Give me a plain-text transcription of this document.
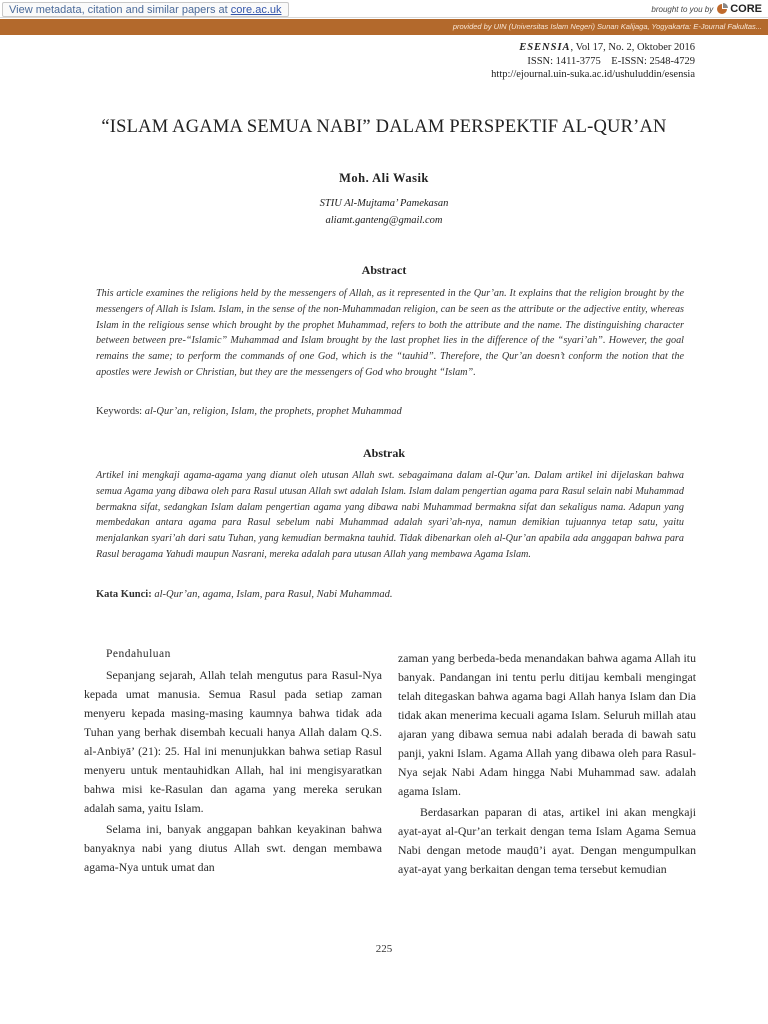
View metadata, citation and similar papers at core.ac.uk	brought to you by CORE
provided by UIN (Universitas Islam Negeri) Sunan Kalijaga, Yogyakarta: E-Journal Fakultas...
ESENSIA, Vol 17, No. 2, Oktober 2016
ISSN: 1411-3775 E-ISSN: 2548-4729
http://ejournal.uin-suka.ac.id/ushuluddin/esensia
“ISLAM AGAMA SEMUA NABI” DALAM PERSPEKTIF AL-QUR’AN
Moh. Ali Wasik
STIU Al-Mujtama’ Pamekasan
aliamt.ganteng@gmail.com
Abstract
This article examines the religions held by the messengers of Allah, as it represented in the Qur’an. It explains that the religion brought by the messengers of Allah is Islam. Islam, in the sense of the non-Muhammadan religion, can be seen as the attribute or the adjective entity, whereas Islam in the religious sense which brought by the prophet Muhammad, refers to both the attribute and the name. The distinguishing character between between pre-“Islamic” Muhammad and Islam brought by the last prophet lies in the difference of the “syari’ah”. However, the goal remains the same; to perform the commands of one God, which is the “tauhid”. Therefore, the Qur’an doesn’t conform the notion that the apostles were Jewish or Christian, but they are the messengers of God who brought “Islam”.
Keywords: al-Qur’an, religion, Islam, the prophets, prophet Muhammad
Abstrak
Artikel ini mengkaji agama-agama yang dianut oleh utusan Allah swt. sebagaimana dalam al-Qur’an. Dalam artikel ini dijelaskan bahwa semua Agama yang dibawa oleh para Rasul utusan Allah swt adalah Islam. Islam dalam pengertian agama para Rasul selain nabi Muhammad bermakna sifat, sedangkan Islam dalam pengertian agama yang dibawa nabi Muhammad bermakna sifat dan sekaligus nama. Adapun yang membedakan antara agama para Rasul sebelum nabi Muhammad adalah syari’ah-nya, namun demikian tujuannya tetap satu, yaitu menjalankan syari’ah dari satu Tuhan, yang kemudian bermakna tauhid. Tidak dibenarkan oleh al-Qur’an apabila ada anggapan bahwa para Rasul beragama Yahudi maupun Nasrani, mereka adalah para utusan Allah yang membawa Agama Islam.
Kata Kunci: al-Qur’an, agama, Islam, para Rasul, Nabi Muhammad.

Pendahuluan

Sepanjang sejarah, Allah telah mengutus para Rasul-Nya kepada umat manusia. Semua Rasul pada setiap zaman menyeru kepada masing-masing kaumnya bahwa tidak ada Tuhan yang berhak disembah kecuali hanya Allah dalam Q.S. al-Anbiyā’ (21): 25. Hal ini menunjukkan bahwa setiap Rasul menyeru untuk mentauhidkan Allah, hal ini mengisyaratkan bahwa misi ke-Rasulan dan agama yang mereka serukan adalah sama, yaitu Islam.

Selama ini, banyak anggapan bahkan keyakinan bahwa banyaknya nabi yang diutus Allah swt. dengan membawa agama-Nya untuk umat dan

zaman yang berbeda-beda menandakan bahwa agama Allah itu banyak. Pandangan ini tentu perlu ditijau kembali mengingat telah ditegaskan bahwa agama bagi Allah hanya Islam dan Dia tidak akan menerima kecuali agama Islam. Seluruh millah atau ajaran yang dibawa semua nabi adalah berada di bawah satu panji, yakni Islam. Agama Allah yang dibawa oleh para Rasul-Nya sejak Nabi Adam hingga Nabi Muhammad saw. adalah agama Islam.

Berdasarkan paparan di atas, artikel ini akan mengkaji ayat-ayat al-Qur’an terkait dengan tema Islam Agama Semua Nabi dengan metode mauḍū’i ayat. Dengan mengumpulkan ayat-ayat yang berkaitan dengan tema tersebut kemudian

225
